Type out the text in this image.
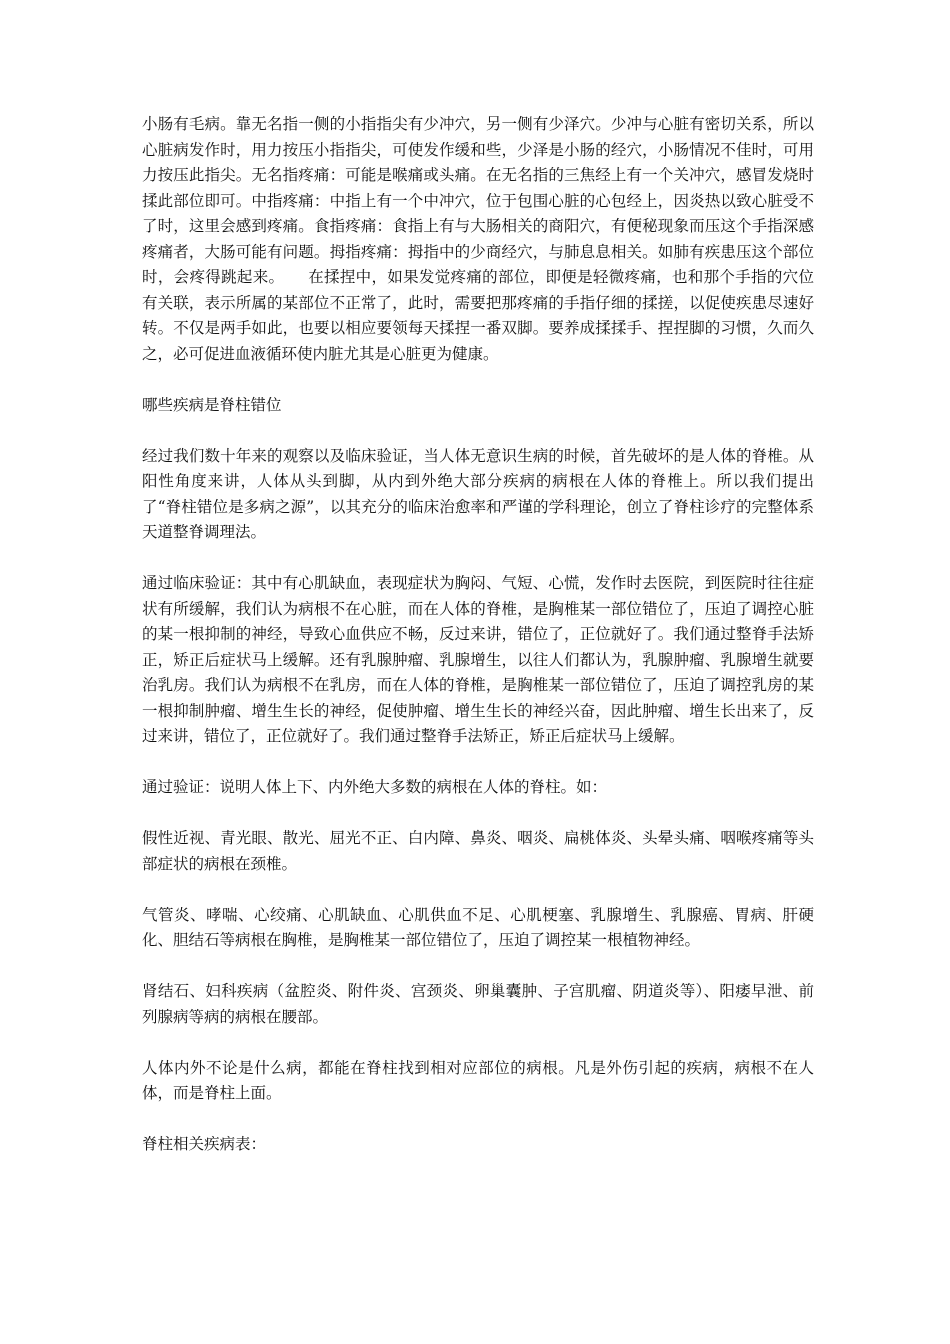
小肠有毛病。靠无名指一侧的小指指尖有少冲穴，另一侧有少泽穴。少冲与心脏有密切关系，所以心脏病发作时，用力按压小指指尖，可使发作缓和些，少泽是小肠的经穴，小肠情况不佳时，可用力按压此指尖。无名指疼痛：可能是喉痛或头痛。在无名指的三焦经上有一个关冲穴，感冒发烧时揉此部位即可。中指疼痛：中指上有一个中冲穴，位于包围心脏的心包经上，因炎热以致心脏受不了时，这里会感到疼痛。食指疼痛：食指上有与大肠相关的商阳穴，有便秘现象而压这个手指深感疼痛者，大肠可能有问题。拇指疼痛：拇指中的少商经穴，与肺息息相关。如肺有疾患压这个部位时，会疼得跳起来。　　在揉捏中，如果发觉疼痛的部位，即便是轻微疼痛，也和那个手指的穴位有关联，表示所属的某部位不正常了，此时，需要把那疼痛的手指仔细的揉搓，以促使疾患尽速好转。不仅是两手如此，也要以相应要领每天揉捏一番双脚。要养成揉揉手、捏捏脚的习惯，久而久之，必可促进血液循环使内脏尤其是心脏更为健康。

哪些疾病是脊柱错位

经过我们数十年来的观察以及临床验证，当人体无意识生病的时候，首先破坏的是人体的脊椎。从阳性角度来讲，人体从头到脚，从内到外绝大部分疾病的病根在人体的脊椎上。所以我们提出了“脊柱错位是多病之源”，以其充分的临床治愈率和严谨的学科理论，创立了脊柱诊疗的完整体系　 天道整脊调理法。

通过临床验证：其中有心肌缺血，表现症状为胸闷、气短、心慌，发作时去医院，到医院时往往症状有所缓解，我们认为病根不在心脏，而在人体的脊椎，是胸椎某一部位错位了，压迫了调控心脏的某一根抑制的神经，导致心血供应不畅，反过来讲，错位了，正位就好了。我们通过整脊手法矫正，矫正后症状马上缓解。还有乳腺肿瘤、乳腺增生，以往人们都认为，乳腺肿瘤、乳腺增生就要治乳房。我们认为病根不在乳房，而在人体的脊椎，是胸椎某一部位错位了，压迫了调控乳房的某一根抑制肿瘤、增生生长的神经，促使肿瘤、增生生长的神经兴奋，因此肿瘤、增生长出来了，反过来讲，错位了，正位就好了。我们通过整脊手法矫正，矫正后症状马上缓解。

通过验证：说明人体上下、内外绝大多数的病根在人体的脊柱。如：

假性近视、青光眼、散光、屈光不正、白内障、鼻炎、咽炎、扁桃体炎、头晕头痛、咽喉疼痛等头部症状的病根在颈椎。

气管炎、哮喘、心绞痛、心肌缺血、心肌供血不足、心肌梗塞、乳腺增生、乳腺癌、胃病、肝硬化、胆结石等病根在胸椎，是胸椎某一部位错位了，压迫了调控某一根植物神经。

肾结石、妇科疾病（盆腔炎、附件炎、宫颈炎、卵巢囊肿、子宫肌瘤、阴道炎等）、阳痿早泄、前列腺病等病的病根在腰部。

人体内外不论是什么病，都能在脊柱找到相对应部位的病根。凡是外伤引起的疾病，病根不在人体，而是脊柱上面。

脊柱相关疾病表：
